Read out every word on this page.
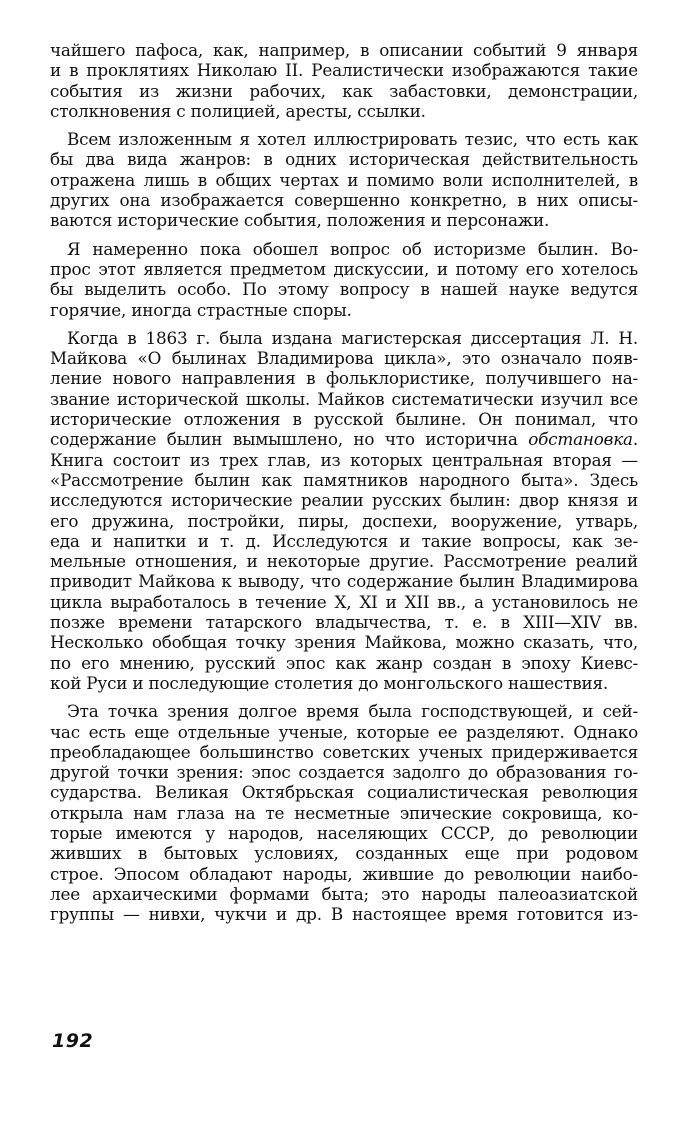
чайшего пафоса, как, например, в описании событий 9 января
и в проклятиях Николаю II. Реалистически изображаются такие
события из жизни рабочих, как забастовки, демонстрации,
столкновения с полицией, аресты, ссылки.

Всем изложенным я хотел иллюстрировать тезис, что есть как
бы два вида жанров: в одних историческая действительность
отражена лишь в общих чертах и помимо воли исполнителей, в
других она изображается совершенно конкретно, в них описы-
ваются исторические события, положения и персонажи.

Я намеренно пока обошел вопрос об историзме былин. Во-
прос этот является предметом дискуссии, и потому его хотелось
бы выделить особо. По этому вопросу в нашей науке ведутся
горячие, иногда страстные споры.

Когда в 1863 г. была издана магистерская диссертация Л. Н.
Майкова «О былинах Владимирова цикла», это означало появ-
ление нового направления в фольклористике, получившего на-
звание исторической школы. Майков систематически изучил все
исторические отложения в русской былине. Он понимал, что
содержание былин вымышлено, но что исторична обстановка.
Книга состоит из трех глав, из которых центральная вторая —
«Рассмотрение былин как памятников народного быта». Здесь
исследуются исторические реалии русских былин: двор князя и
его дружина, постройки, пиры, доспехи, вооружение, утварь,
еда и напитки и т. д. Исследуются и такие вопросы, как зе-
мельные отношения, и некоторые другие. Рассмотрение реалий
приводит Майкова к выводу, что содержание былин Владимирова
цикла выработалось в течение X, XI и XII вв., а установилось не
позже времени татарского владычества, т. е. в XIII—XIV вв.
Несколько обобщая точку зрения Майкова, можно сказать, что,
по его мнению, русский эпос как жанр создан в эпоху Киевс-
кой Руси и последующие столетия до монгольского нашествия.

Эта точка зрения долгое время была господствующей, и сей-
час есть еще отдельные ученые, которые ее разделяют. Однако
преобладающее большинство советских ученых придерживается
другой точки зрения: эпос создается задолго до образования го-
сударства. Великая Октябрьская социалистическая революция
открыла нам глаза на те несметные эпические сокровища, ко-
торые имеются у народов, населяющих СССР, до революции
живших в бытовых условиях, созданных еще при родовом
строе. Эпосом обладают народы, жившие до революции наибо-
лее архаическими формами быта; это народы палеоазиатской
группы — нивхи, чукчи и др. В настоящее время готовится из-

192
